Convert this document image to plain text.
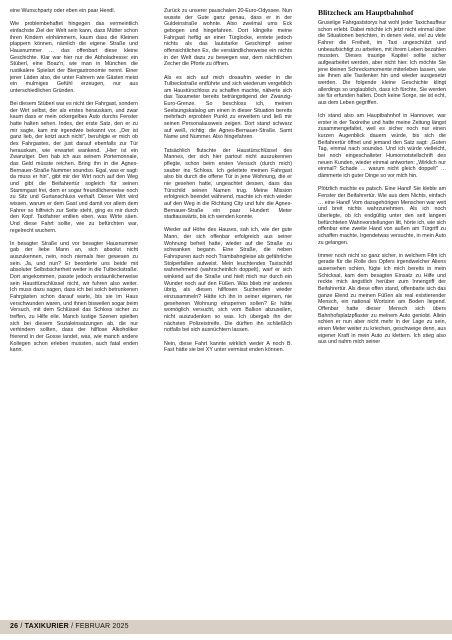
eine Wunschparty oder eben ein paar Hendl.

Wie problembehaftet hingegen das vermeintlich einfachste Ziel der Welt sein kann, dass Mütter schon ihren Kindern einhämmern, kaum dass die Kleinen plappern können, nämlich die eigene Straße und Hausnummer … das offenbart diese kleine Geschichte. Klar war hier nur die Abholadresse: ein Stüberl, eine Boaz'n, wie man in München die rustikalere Spielart der Biergastronomie nennt. Einer jener Läden also, die unter Fahrern wie Gästen meist ein mulmiges Gefühl erzeugen, nur aus unterschiedlichen Gründen.

Bei diesem Stüberl war es nicht der Fahrgast, sondern der Wirt selbst, der als erstes herauskam, und zwar kaum dass er mein ockergelbes Auto durchs Fenster hatte halten sehen. Indes, der erste Satz, den er zu mir sagte, kam mir irgendwie bekannt vor. „Der ist ganz lieb, der kotzt auch nicht", beruhigte er mich ob des Fahrgastes, der just darauf ebenfalls zur Tür herauskam, wie erwartet wankend. „Hier ist ein Zwanziger. Den hab ich aus seinem Portemonnaie, das Geld müsste reichen. Bring ihn in die Agnes-Bernauer-Straße Nummer soundso. Egal, was er sagt: da muss er hin", gibt mir der Wirt noch auf den Weg und gibt die Beifahrertür sogleich für seinen Stammgast frei, dem er sogar freundlicherweise noch zu Sitz und Gurtanschluss verhalf. Dieser Wirt wird wissen, warum er dem Gast und damit vor allem dem Fahrer so hilfreich zur Seite steht, ging es mir durch den Kopf. Taxifahrer entlien eben, was Wirte säen. Und diese Fahrt sollte, wie zu befürchten war, regelrecht wuchern.

In besagter Straße und vor besagter Hausnummer gab der liebe Mann an, sich absolut nicht auszukennen, nein, noch niemals hier gewesen zu sein. Ja, und nun? Er beorderte uns beide mit absoluter Selbstsicherheit weiter in die Tulbeckstraße. Dort angekommen, passte jedoch erstaunlicherweise sein Hausttürschlüssel nicht, wir fuhren also weiter. Ich muss dazu sagen, dass ich bei solch betrunkenen Fahrgästen schon darauf warte, bis sie im Haus verschwunden waren, und ihnen bisweilen sogar beim Versuch, mit dem Schlüssel das Schloss sicher zu treffen, zu Hilfe eile. Manch lustige Szenen spielten sich bei diesem Sozialeinsatzungen ab, die nur verhindern sollten, dass der hilflose Alkoholiker frierend in der Gosse landet, was, wie manch andere Kollegen schon erleben mussten, auch fatal enden kann.

Zurück zu unserer pauschalen 20-Euro-Odyssee. Nun wusste der Gute ganz genau, dass er in der Guldeinstraße wohnte. Also zweimal ums Eck gebogen und hingefahren. Dort klingelte meine Fahrgast heftig an einer Türglocke, erntete jedoch nichts als das lautstarke Geschimpf seiner offensichtlichen Ex, die verständlicherweise ein nichts in der Welt dazu zu bewegen war, dem nächtlichen Zecher die Pforte zu öffnen.

Als es sich auf mich dosaufrin wieder in die Tulbeckstraße entführte und sich wiederum vergeblich am Haustürschloss zu schaffen machte, näherte sich das Taxameter bereits beträngstigend der Zwanzig-Euro-Grenze. So beschloss ich, meinen Seelsungskatalog um einen in dieser Situation bereits mehrfach erprobten Punkt zu erweitern und ließ mir seinen Personalausweis zeigen. Dort stand schwarz auf weiß, richtig: die Agnes-Bernauer-Straße. Samt Name und Nummer. Also hingefahren.

Tatsächlich flutschte der Haustürschlüssel des Mannes, der sich hier partout nicht auszukennen pflegte, schon beim ersten Versuch (durch mich) sauber ins Schloss. Ich geleitete meinen Fahrgast also bis durch die offene Tür in jene Wohnung, die er nie gesehen hatte, ungeachtet dessen, dass das Türschild seinen Namen trug. Meine Mission erfolgreich beendet wähnend, machte ich mich wieder auf den Weg in die Richtung City und fuhr die Agnes-Bernauer-Straße ein paar Hundert Meter stadtauswärts, bis ich wenden konnte.

Wieder auf Höhe des Hauses, sah ich, wie der gute Mann, der sich offenbar erfolgreich aus seiner Wohnung befreit hatte, wieder auf die Straße zu schwanken begann. Eine Straße, die neben Fahrspuren auch noch Trambahngleise als gefährliche Stolperfallen aufweist. Mein leuchtendes Taxischild wahrnehmend (wahrscheinlich doppelt), warf er sich winkend auf die Straße und hielt mich nur durch ein Wunder noch auf den Füßen. Was blieb mir anderes übrig, als diesen hilflosen Suchenden wieder einzusammeln? Hätte ich ihn in seiner eigenen, nie gesehenen Wohnung einsperren sollen? Er hätte womöglich versucht, sich vom Balkon abzuseilen, nicht auszudenken so was. Ich übergab ihn der nächsten Polizeistreife. Die dürften ihn schließlich notfalls bei sich ausnüchtern lassen.

Nein, diese Fahrt kannte wirklich weder A noch B. Fast hätte sie bei XY unter vermisst enden können.

Blitzcheck am Hauptbahnhof

Gruselige Fahrgaststorys hat wohl jeder Taxichauffeur schon erlebt. Dabei möchte ich jetzt nicht einmal über die Situationen berichten, in denen viele, viel zu viele Fahrer die Freiheit, im Taxi ungeschützt und unbeaufsichtigt zu arbeiten, mit ihrem Leben bezahlen mussten. Dieses traurige Kapitel sollte sicher aufgearbeitet werden, aber nicht hier. Ich möchte Sie jene kleinen Schrecksmomente miterleben lassen, wie sie Ihnen alle Taxilenker hin und wieder ausgesetzt werden. Die folgende kleine Geschichte klingt allerdings so unglaublich, dass ich fürchte, Sie werden sie für erfunden halten. Doch keine Sorge, sie ist echt, aus dem Leben gegriffen.

Ich stand also am Hauptbahnhof in Hannover, war erster in der Taxireihe und hatte meine Zeitung längst zusammengefaltet, weil es sicher noch nur einen kurzen Augenblick dauern würde, bis sich die Beifahrertür öffnet und jemand den Satz sagt: „Guten Tag, einmal nach soundso. Und ich würde vielleicht, bei noch eingeschalteter Humornotstellschrift des neuen Kunden, wieder einmal antworten: „Wirklich nur einmal? Schade … warum nicht gleich doppelt" … dämmerte ich guter Dinge so vor mich hin.

Plötzlich machte es patsch. Eine Hand! Sie klebte am Fenster der Beifahrertür. Wie aus dem Nichts, einfach … eine Hand! Vom dazugehörigen Menschen war weit und breit nichts wahrzunehmen. Als ich noch überlegte, ob ich endgültig unter den seit langem befürchteten Wahnvorstellungen litt, hörte ich, wie sich offenbar eine zweite Hand von außen am Türgriff zu schaffen machte. Irgendetwas versuchte, in mein Auto zu gelangen.

Immer noch nicht so ganz sicher, in welchem Film ich gerade für die Rolle des Opfers irgendwelcher Aliens ausersehen schien, fügte ich mich bereits in mein Schicksal, kam dem besagten Einsatz zu Hilfe und reckte mich ängstlich herüber zum Innengriff der Beifahrertür. Als diese offen stand, offenbarte sich das ganze Elend zu meinen Füßen als real existierender Mensch, ein national Wortsinn am Boden liegend. Offenbar hatte dieser Mensch sich übers Bahnhofsplatzpflaster zu meinem Auto geniobt. Allein schien er nun aber nicht mehr in der Lage zu sein, einen Meter weiter zu kriechen, geschweige denn, aus eigener Kraft in mein Auto zu klettern. Ich stieg also aus und nahm mich seiner

26 / TAXIKURIER / FEBRUAR 2025
